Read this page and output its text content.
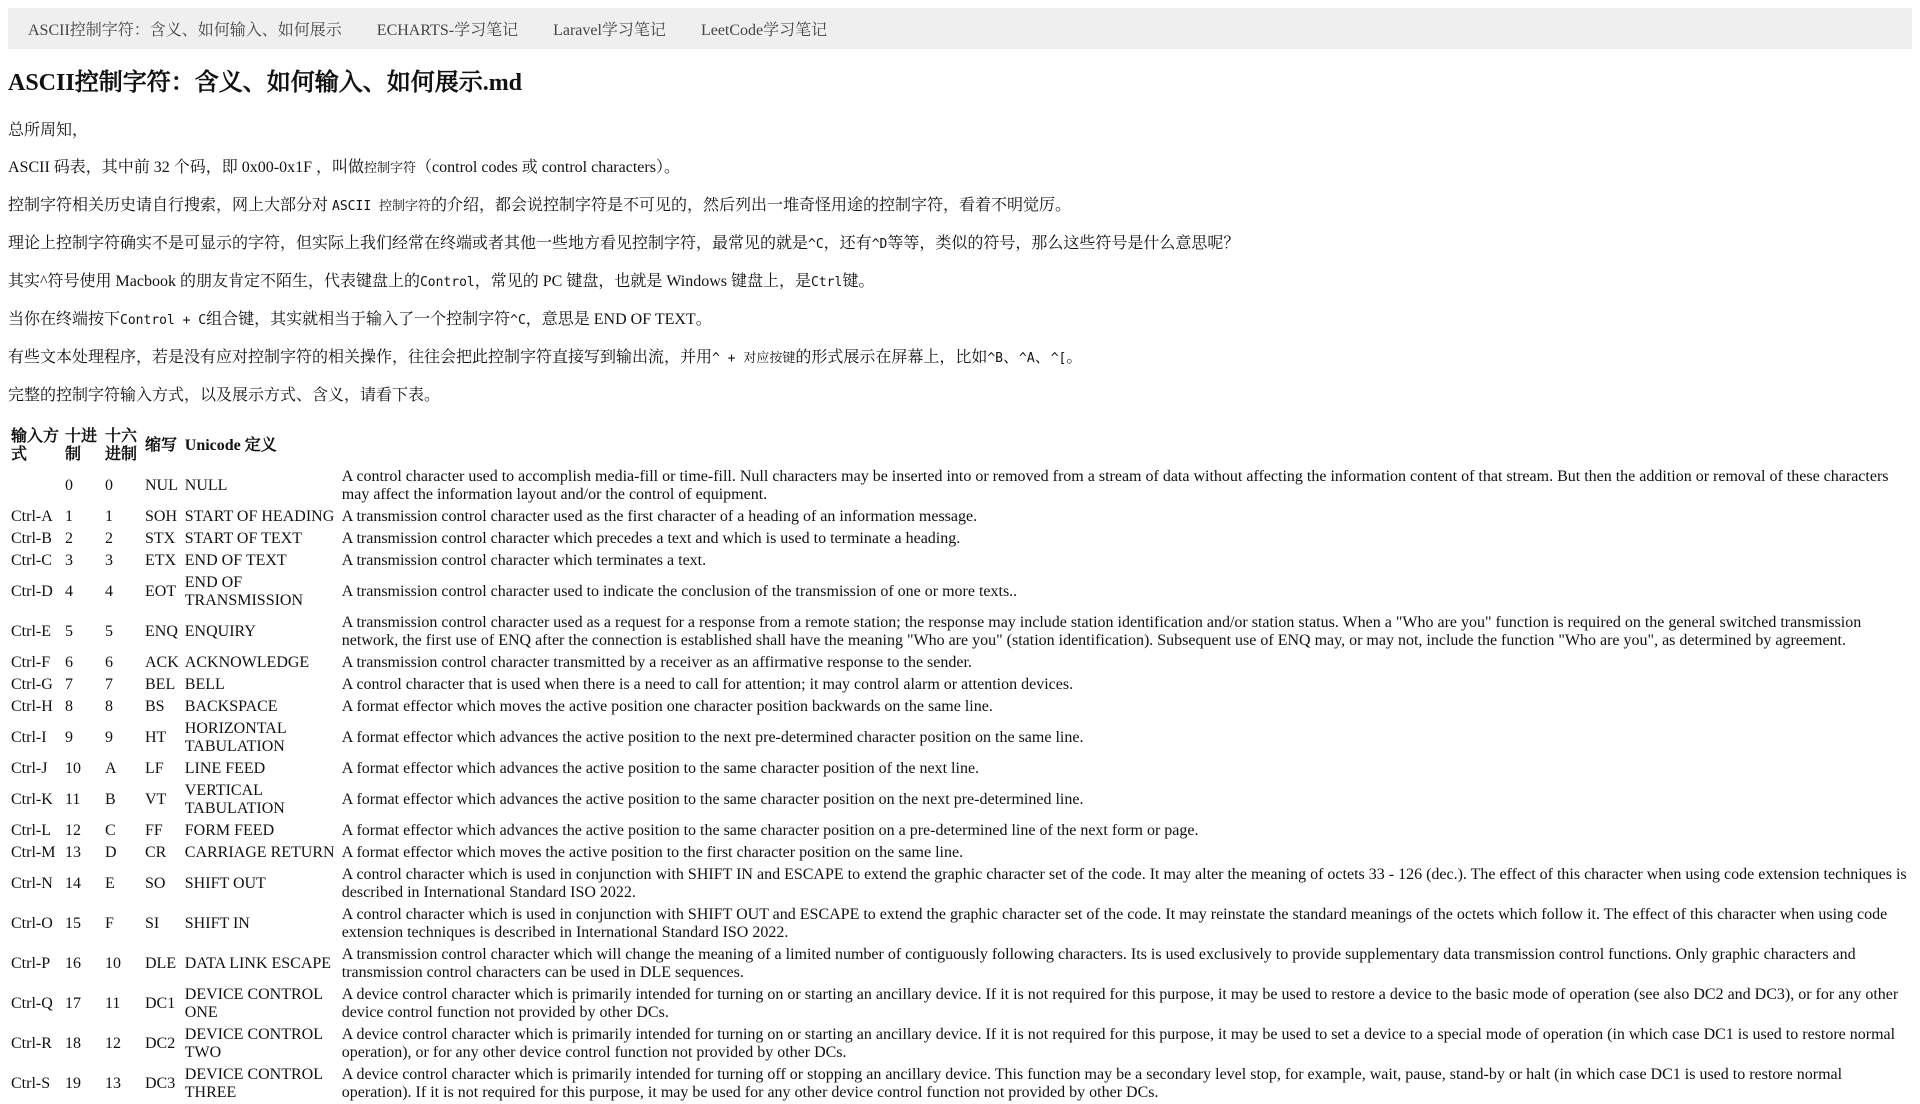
ASCII控制字符：含义、如何输入、如何展示 ECHARTS-学习笔记 Laravel学习笔记 LeetCode学习笔记
ASCII控制字符：含义、如何输入、如何展示.md

总所周知，

ASCII 码表，其中前 32 个码，即 0x00-0x1F ，叫做控制字符（control codes 或 control characters）。

控制字符相关历史请自行搜索，网上大部分对 ASCII 控制字符的介绍，都会说控制字符是不可见的，然后列出一堆奇怪用途的控制字符，看着不明觉厉。

理论上控制字符确实不是可显示的字符，但实际上我们经常在终端或者其他一些地方看见控制字符，最常见的就是^C，还有^D等等，类似的符号，那么这些符号是什么意思呢？

其实^符号使用 Macbook 的朋友肯定不陌生，代表键盘上的Control，常见的 PC 键盘，也就是 Windows 键盘上，是Ctrl键。

当你在终端按下Control + C组合键，其实就相当于输入了一个控制字符^C，意思是 END OF TEXT。

有些文本处理程序，若是没有应对控制字符的相关操作，往往会把此控制字符直接写到输出流，并用^ + 对应按键的形式展示在屏幕上，比如^B、^A、^[。

完整的控制字符输入方式，以及展示方式、含义，请看下表。

输入方式	十进制	十六进制	缩写	Unicode 定义	
	0	0	NUL	NULL	A control character used to accomplish media-fill or time-fill. Null characters may be inserted into or removed from a stream of data without affecting the information content of that stream. But then the addition or removal of these characters may affect the information layout and/or the control of equipment.
Ctrl-A	1	1	SOH	START OF HEADING	A transmission control character used as the first character of a heading of an information message.
Ctrl-B	2	2	STX	START OF TEXT	A transmission control character which precedes a text and which is used to terminate a heading.
Ctrl-C	3	3	ETX	END OF TEXT	A transmission control character which terminates a text.
Ctrl-D	4	4	EOT	END OF TRANSMISSION	A transmission control character used to indicate the conclusion of the transmission of one or more texts..
Ctrl-E	5	5	ENQ	ENQUIRY	A transmission control character used as a request for a response from a remote station; the response may include station identification and/or station status. When a "Who are you" function is required on the general switched transmission network, the first use of ENQ after the connection is established shall have the meaning "Who are you" (station identification). Subsequent use of ENQ may, or may not, include the function "Who are you", as determined by agreement.
Ctrl-F	6	6	ACK	ACKNOWLEDGE	A transmission control character transmitted by a receiver as an affirmative response to the sender.
Ctrl-G	7	7	BEL	BELL	A control character that is used when there is a need to call for attention; it may control alarm or attention devices.
Ctrl-H	8	8	BS	BACKSPACE	A format effector which moves the active position one character position backwards on the same line.
Ctrl-I	9	9	HT	HORIZONTAL TABULATION	A format effector which advances the active position to the next pre-determined character position on the same line.
Ctrl-J	10	A	LF	LINE FEED	A format effector which advances the active position to the same character position of the next line.
Ctrl-K	11	B	VT	VERTICAL TABULATION	A format effector which advances the active position to the same character position on the next pre-determined line.
Ctrl-L	12	C	FF	FORM FEED	A format effector which advances the active position to the same character position on a pre-determined line of the next form or page.
Ctrl-M	13	D	CR	CARRIAGE RETURN	A format effector which moves the active position to the first character position on the same line.
Ctrl-N	14	E	SO	SHIFT OUT	A control character which is used in conjunction with SHIFT IN and ESCAPE to extend the graphic character set of the code. It may alter the meaning of octets 33 - 126 (dec.). The effect of this character when using code extension techniques is described in International Standard ISO 2022.
Ctrl-O	15	F	SI	SHIFT IN	A control character which is used in conjunction with SHIFT OUT and ESCAPE to extend the graphic character set of the code. It may reinstate the standard meanings of the octets which follow it. The effect of this character when using code extension techniques is described in International Standard ISO 2022.
Ctrl-P	16	10	DLE	DATA LINK ESCAPE	A transmission control character which will change the meaning of a limited number of contiguously following characters. Its is used exclusively to provide supplementary data transmission control functions. Only graphic characters and transmission control characters can be used in DLE sequences.
Ctrl-Q	17	11	DC1	DEVICE CONTROL ONE	A device control character which is primarily intended for turning on or starting an ancillary device. If it is not required for this purpose, it may be used to restore a device to the basic mode of operation (see also DC2 and DC3), or for any other device control function not provided by other DCs.
Ctrl-R	18	12	DC2	DEVICE CONTROL TWO	A device control character which is primarily intended for turning on or starting an ancillary device. If it is not required for this purpose, it may be used to set a device to a special mode of operation (in which case DC1 is used to restore normal operation), or for any other device control function not provided by other DCs.
Ctrl-S	19	13	DC3	DEVICE CONTROL THREE	A device control character which is primarily intended for turning off or stopping an ancillary device. This function may be a secondary level stop, for example, wait, pause, stand-by or halt (in which case DC1 is used to restore normal operation). If it is not required for this purpose, it may be used for any other device control function not provided by other DCs.
